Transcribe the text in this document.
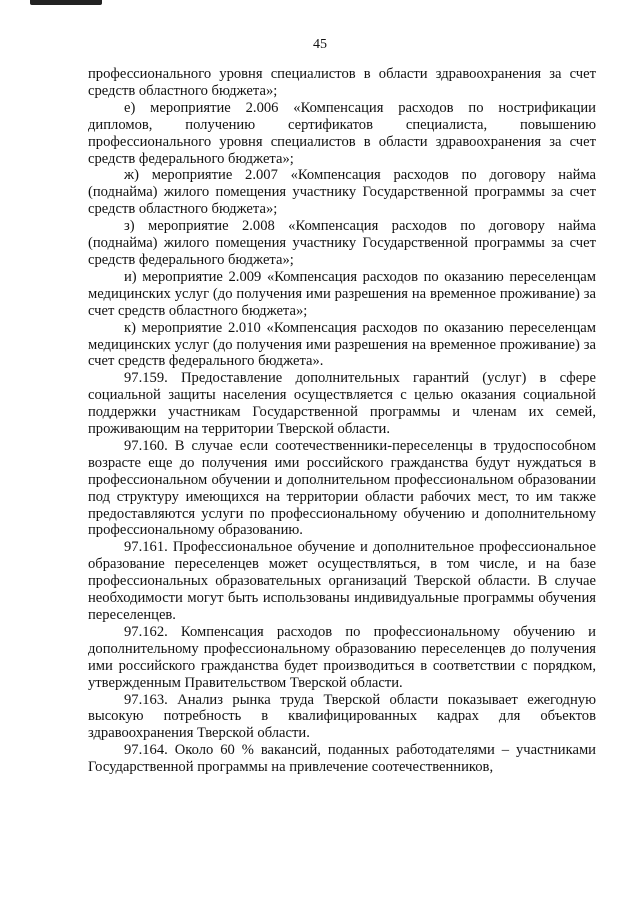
45

профессионального уровня специалистов в области здравоохранения за счет средств областного бюджета»;

е) мероприятие 2.006 «Компенсация расходов по нострификации дипломов, получению сертификатов специалиста, повышению профессионального уровня специалистов в области здравоохранения за счет средств федерального бюджета»;

ж) мероприятие 2.007 «Компенсация расходов по договору найма (поднайма) жилого помещения участнику Государственной программы за счет средств областного бюджета»;

з) мероприятие 2.008 «Компенсация расходов по договору найма (поднайма) жилого помещения участнику Государственной программы за счет средств федерального бюджета»;

и) мероприятие 2.009 «Компенсация расходов по оказанию переселенцам медицинских услуг (до получения ими разрешения на временное проживание) за счет средств областного бюджета»;

к) мероприятие 2.010 «Компенсация расходов по оказанию переселенцам медицинских услуг (до получения ими разрешения на временное проживание) за счет средств федерального бюджета».

97.159. Предоставление дополнительных гарантий (услуг) в сфере социальной защиты населения осуществляется с целью оказания социальной поддержки участникам Государственной программы и членам их семей, проживающим на территории Тверской области.

97.160. В случае если соотечественники-переселенцы в трудоспособном возрасте еще до получения ими российского гражданства будут нуждаться в профессиональном обучении и дополнительном профессиональном образовании под структуру имеющихся на территории области рабочих мест, то им также предоставляются услуги по профессиональному обучению и дополнительному профессиональному образованию.

97.161. Профессиональное обучение и дополнительное профессиональное образование переселенцев может осуществляться, в том числе, и на базе профессиональных образовательных организаций Тверской области. В случае необходимости могут быть использованы индивидуальные программы обучения переселенцев.

97.162. Компенсация расходов по профессиональному обучению и дополнительному профессиональному образованию переселенцев до получения ими российского гражданства будет производиться в соответствии с порядком, утвержденным Правительством Тверской области.

97.163. Анализ рынка труда Тверской области показывает ежегодную высокую потребность в квалифицированных кадрах для объектов здравоохранения Тверской области.

97.164. Около 60 % вакансий, поданных работодателями – участниками Государственной программы на привлечение соотечественников,
